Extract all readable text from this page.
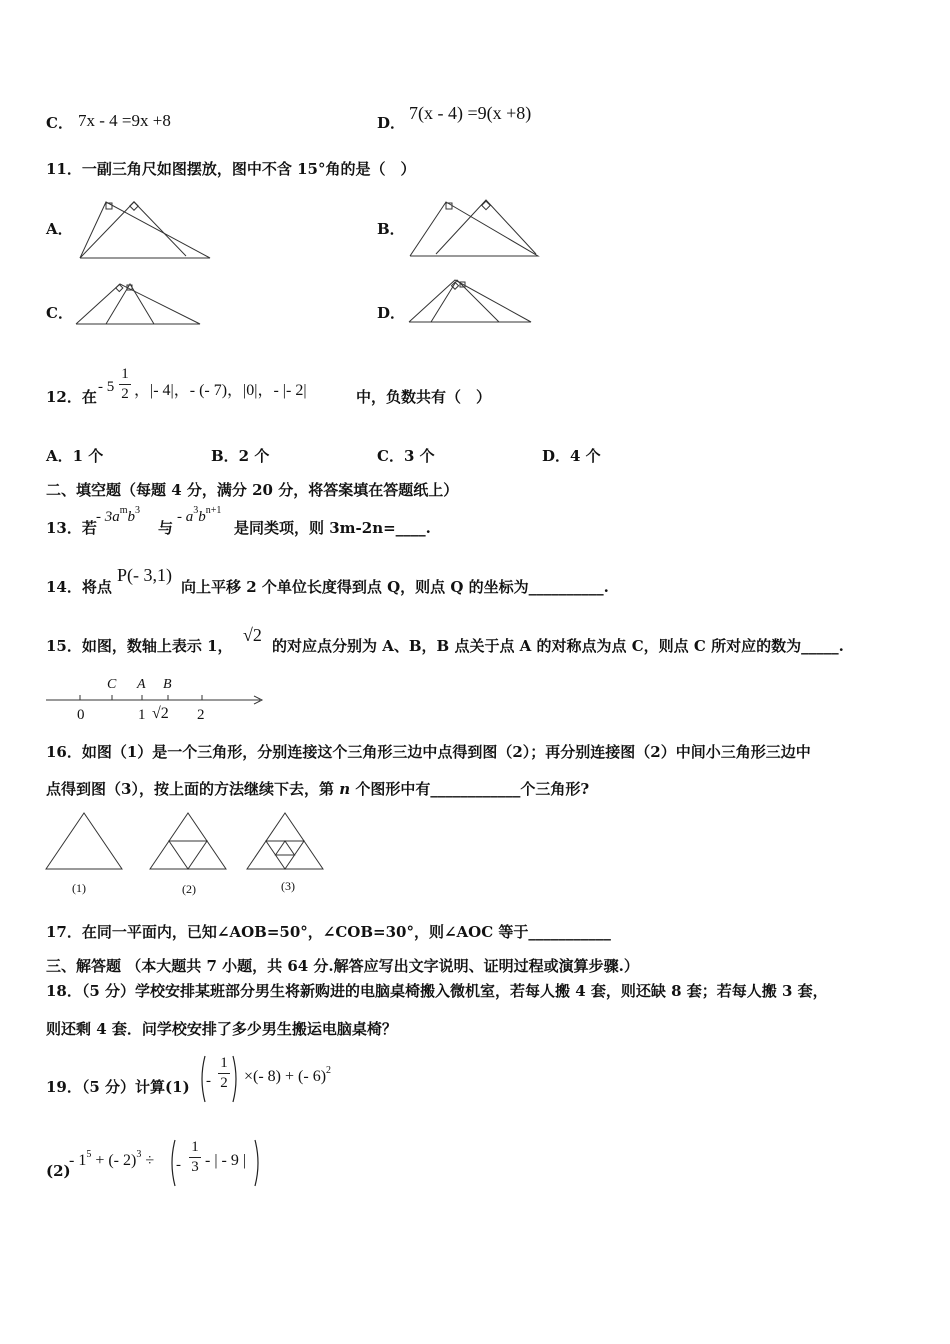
C． 7x - 4 =9x +8	D． 7(x - 4) =9(x +8)
11．一副三角尺如图摆放，图中不含 15°角的是（　）
A．	B．
C．	D．
12．在
- 5
1
2 ，|- 4|，- (- 7)，|0|，- |- 2|	中，负数共有（　）
A．1 个	B．2 个	C．3 个	D．4 个
二、填空题（每题 4 分，满分 20 分，将答案填在答题纸上）
13．若
- $3a^mb^3$
与
- $a^3b^{n+1}$
是同类项，则 3m-2n=____.
14．将点
P(- 3,1)
向上平移 2 个单位长度得到点 Q，则点 Q 的坐标为__________.
15．如图，数轴上表示 1，
√2
的对应点分别为 A、B，B 点关于点 A 的对称点为点 C，则点 C 所对应的数为_____.
C A B
0	1 √2 2
16．如图（1）是一个三角形，分别连接这个三角形三边中点得到图（2）；再分别连接图（2）中间小三角形三边中
点得到图（3），按上面的方法继续下去，第 n 个图形中有____________个三角形?
(1)	(2)	(3)
17．在同一平面内，已知∠AOB=50°，∠COB=30°，则∠AOC 等于___________
三、解答题 （本大题共 7 小题，共 64 分.解答应写出文字说明、证明过程或演算步骤.）
18．（5 分）学校安排某班部分男生将新购进的电脑桌椅搬入微机室，若每人搬 4 套，则还缺 8 套；若每人搬 3 套，
则还剩 4 套．问学校安排了多少男生搬运电脑桌椅？
19．（5 分）计算(1) -
1
2 ×(- 8) + (- 6)$^2$
(2)
- $1^5$ + (- 2)$^3$ ÷ -
1
3 - | - 9 |
